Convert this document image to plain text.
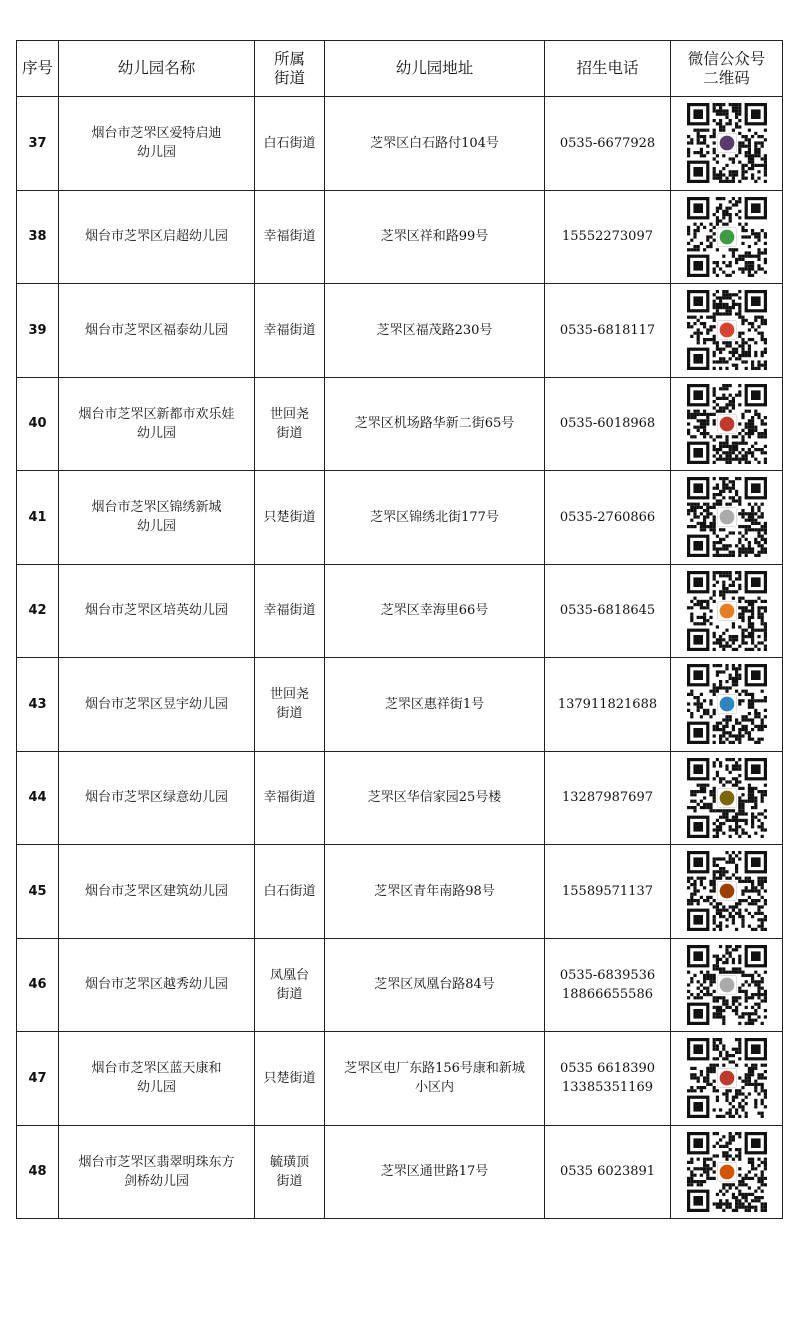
序号	幼儿园名称	所属
街道	幼儿园地址	招生电话	微信公众号
二维码
37	烟台市芝罘区爱特启迪
幼儿园	白石街道	芝罘区白石路付104号	0535-6677928	

38	烟台市芝罘区启超幼儿园	幸福街道	芝罘区祥和路99号	15552273097	

39	烟台市芝罘区福泰幼儿园	幸福街道	芝罘区福茂路230号	0535-6818117	

40	烟台市芝罘区新都市欢乐娃
幼儿园	世回尧
街道	芝罘区机场路华新二街65号	0535-6018968	

41	烟台市芝罘区锦绣新城
幼儿园	只楚街道	芝罘区锦绣北街177号	0535-2760866	

42	烟台市芝罘区培英幼儿园	幸福街道	芝罘区幸海里66号	0535-6818645	

43	烟台市芝罘区昱宇幼儿园	世回尧
街道	芝罘区惠祥街1号	137911821688	

44	烟台市芝罘区绿意幼儿园	幸福街道	芝罘区华信家园25号楼	13287987697	

45	烟台市芝罘区建筑幼儿园	白石街道	芝罘区青年南路98号	15589571137	

46	烟台市芝罘区越秀幼儿园	凤凰台
街道	芝罘区凤凰台路84号	0535-6839536
18866655586	

47	烟台市芝罘区蓝天康和
幼儿园	只楚街道	芝罘区电厂东路156号康和新城
小区内	0535 6618390
13385351169	

48	烟台市芝罘区翡翠明珠东方
剑桥幼儿园	毓璜顶
街道	芝罘区通世路17号	0535 6023891	
